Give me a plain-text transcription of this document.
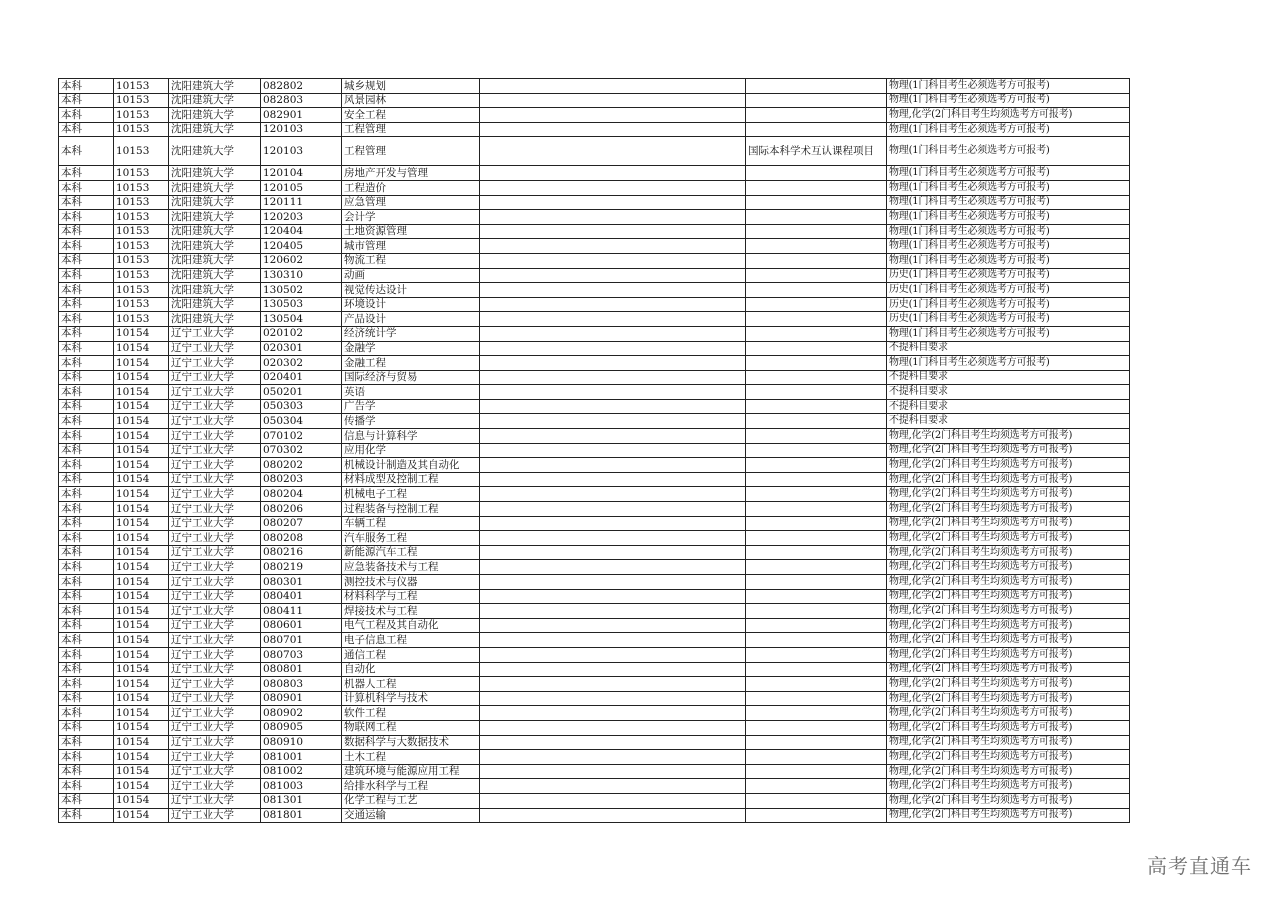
本科	10153	沈阳建筑大学	082802	城乡规划			物理(1门科目考生必须选考方可报考)
本科	10153	沈阳建筑大学	082803	风景园林			物理(1门科目考生必须选考方可报考)
本科	10153	沈阳建筑大学	082901	安全工程			物理,化学(2门科目考生均须选考方可报考)
本科	10153	沈阳建筑大学	120103	工程管理			物理(1门科目考生必须选考方可报考)
本科	10153	沈阳建筑大学	120103	工程管理		国际本科学术互认课程项目	物理(1门科目考生必须选考方可报考)
本科	10153	沈阳建筑大学	120104	房地产开发与管理			物理(1门科目考生必须选考方可报考)
本科	10153	沈阳建筑大学	120105	工程造价			物理(1门科目考生必须选考方可报考)
本科	10153	沈阳建筑大学	120111	应急管理			物理(1门科目考生必须选考方可报考)
本科	10153	沈阳建筑大学	120203	会计学			物理(1门科目考生必须选考方可报考)
本科	10153	沈阳建筑大学	120404	土地资源管理			物理(1门科目考生必须选考方可报考)
本科	10153	沈阳建筑大学	120405	城市管理			物理(1门科目考生必须选考方可报考)
本科	10153	沈阳建筑大学	120602	物流工程			物理(1门科目考生必须选考方可报考)
本科	10153	沈阳建筑大学	130310	动画			历史(1门科目考生必须选考方可报考)
本科	10153	沈阳建筑大学	130502	视觉传达设计			历史(1门科目考生必须选考方可报考)
本科	10153	沈阳建筑大学	130503	环境设计			历史(1门科目考生必须选考方可报考)
本科	10153	沈阳建筑大学	130504	产品设计			历史(1门科目考生必须选考方可报考)
本科	10154	辽宁工业大学	020102	经济统计学			物理(1门科目考生必须选考方可报考)
本科	10154	辽宁工业大学	020301	金融学			不提科目要求
本科	10154	辽宁工业大学	020302	金融工程			物理(1门科目考生必须选考方可报考)
本科	10154	辽宁工业大学	020401	国际经济与贸易			不提科目要求
本科	10154	辽宁工业大学	050201	英语			不提科目要求
本科	10154	辽宁工业大学	050303	广告学			不提科目要求
本科	10154	辽宁工业大学	050304	传播学			不提科目要求
本科	10154	辽宁工业大学	070102	信息与计算科学			物理,化学(2门科目考生均须选考方可报考)
本科	10154	辽宁工业大学	070302	应用化学			物理,化学(2门科目考生均须选考方可报考)
本科	10154	辽宁工业大学	080202	机械设计制造及其自动化			物理,化学(2门科目考生均须选考方可报考)
本科	10154	辽宁工业大学	080203	材料成型及控制工程			物理,化学(2门科目考生均须选考方可报考)
本科	10154	辽宁工业大学	080204	机械电子工程			物理,化学(2门科目考生均须选考方可报考)
本科	10154	辽宁工业大学	080206	过程装备与控制工程			物理,化学(2门科目考生均须选考方可报考)
本科	10154	辽宁工业大学	080207	车辆工程			物理,化学(2门科目考生均须选考方可报考)
本科	10154	辽宁工业大学	080208	汽车服务工程			物理,化学(2门科目考生均须选考方可报考)
本科	10154	辽宁工业大学	080216	新能源汽车工程			物理,化学(2门科目考生均须选考方可报考)
本科	10154	辽宁工业大学	080219	应急装备技术与工程			物理,化学(2门科目考生均须选考方可报考)
本科	10154	辽宁工业大学	080301	测控技术与仪器			物理,化学(2门科目考生均须选考方可报考)
本科	10154	辽宁工业大学	080401	材料科学与工程			物理,化学(2门科目考生均须选考方可报考)
本科	10154	辽宁工业大学	080411	焊接技术与工程			物理,化学(2门科目考生均须选考方可报考)
本科	10154	辽宁工业大学	080601	电气工程及其自动化			物理,化学(2门科目考生均须选考方可报考)
本科	10154	辽宁工业大学	080701	电子信息工程			物理,化学(2门科目考生均须选考方可报考)
本科	10154	辽宁工业大学	080703	通信工程			物理,化学(2门科目考生均须选考方可报考)
本科	10154	辽宁工业大学	080801	自动化			物理,化学(2门科目考生均须选考方可报考)
本科	10154	辽宁工业大学	080803	机器人工程			物理,化学(2门科目考生均须选考方可报考)
本科	10154	辽宁工业大学	080901	计算机科学与技术			物理,化学(2门科目考生均须选考方可报考)
本科	10154	辽宁工业大学	080902	软件工程			物理,化学(2门科目考生均须选考方可报考)
本科	10154	辽宁工业大学	080905	物联网工程			物理,化学(2门科目考生均须选考方可报考)
本科	10154	辽宁工业大学	080910	数据科学与大数据技术			物理,化学(2门科目考生均须选考方可报考)
本科	10154	辽宁工业大学	081001	土木工程			物理,化学(2门科目考生均须选考方可报考)
本科	10154	辽宁工业大学	081002	建筑环境与能源应用工程			物理,化学(2门科目考生均须选考方可报考)
本科	10154	辽宁工业大学	081003	给排水科学与工程			物理,化学(2门科目考生均须选考方可报考)
本科	10154	辽宁工业大学	081301	化学工程与工艺			物理,化学(2门科目考生均须选考方可报考)
本科	10154	辽宁工业大学	081801	交通运输			物理,化学(2门科目考生均须选考方可报考)
高考直通车
